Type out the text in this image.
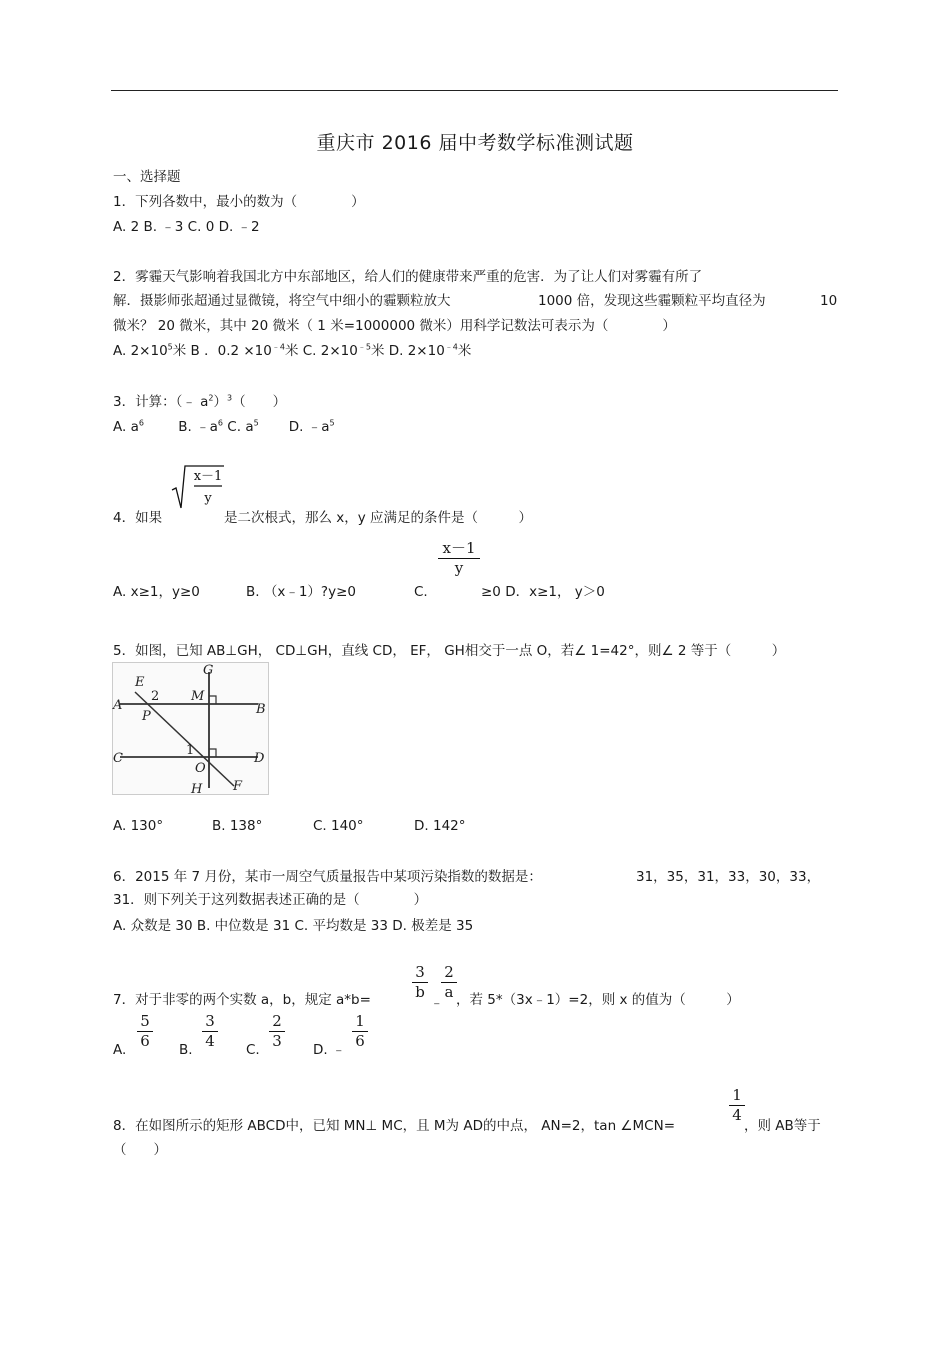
重庆市 2016 届中考数学标准测试题
一、选择题
1．下列各数中，最小的数为（　　　　）
A. 2 B. ﹣3 C. 0 D. ﹣2
2．雾霾天气影响着我国北方中东部地区，给人们的健康带来严重的危害．为了让人们对雾霾有所了
解．摄影师张超通过显微镜，将空气中细小的霾颗粒放大	1000 倍，发现这些霾颗粒平均直径为	10
微米？ 20 微米，其中 20 微米（ 1 米=1000000 微米）用科学记数法可表示为（　　　　）
A. $2\times 10^5$米 B ．$0.2 \times 10^{﹣4}$米 C. $2\times 10^{﹣5}$米 D. $2\times 10^{﹣4}$米
3．计算：（﹣ $a^2)^3$（　　）
A. $a^6$	B. $﹣a^6$ C. $a^5$ D. $﹣a^5$
4．如果
x－1
y
是二次根式，那么 x，y 应满足的条件是（　　　）
x－1
y
A. x≥1，y≥0	B. （x﹣1）?y≥0	C.	≥0 D．x≥1， y＞0
5．如图，已知 AB⊥GH， CD⊥GH，直线 CD， EF， GH相交于一点 O，若∠ 1=42°，则∠ 2 等于（　　　）
G
M
E
2
A
P	B
C
1
O
D
H F
A. 130°	B. 138°	C. 140°	D. 142°
6．2015 年 7 月份，某市一周空气质量报告中某项污染指数的数据是：	31，35，31，33，30，33，
31．则下列关于这列数据表述正确的是（　　　　）
A. 众数是 30 B. 中位数是 31 C. 平均数是 33 D. 极差是 35
7．对于非零的两个实数 a，b，规定 a*b=
3
b
﹣
2
a ，若 5*（3x﹣1）=2，则 x 的值为（　　　）
A.
5
6 B.
3
4 C.
2
3 D. ﹣
1
6
8．在如图所示的矩形 ABCD中，已知 MN⊥ MC，且 M为 AD的中点， AN=2，tan ∠MCN=
1
4
，则 AB等于
（　　）
